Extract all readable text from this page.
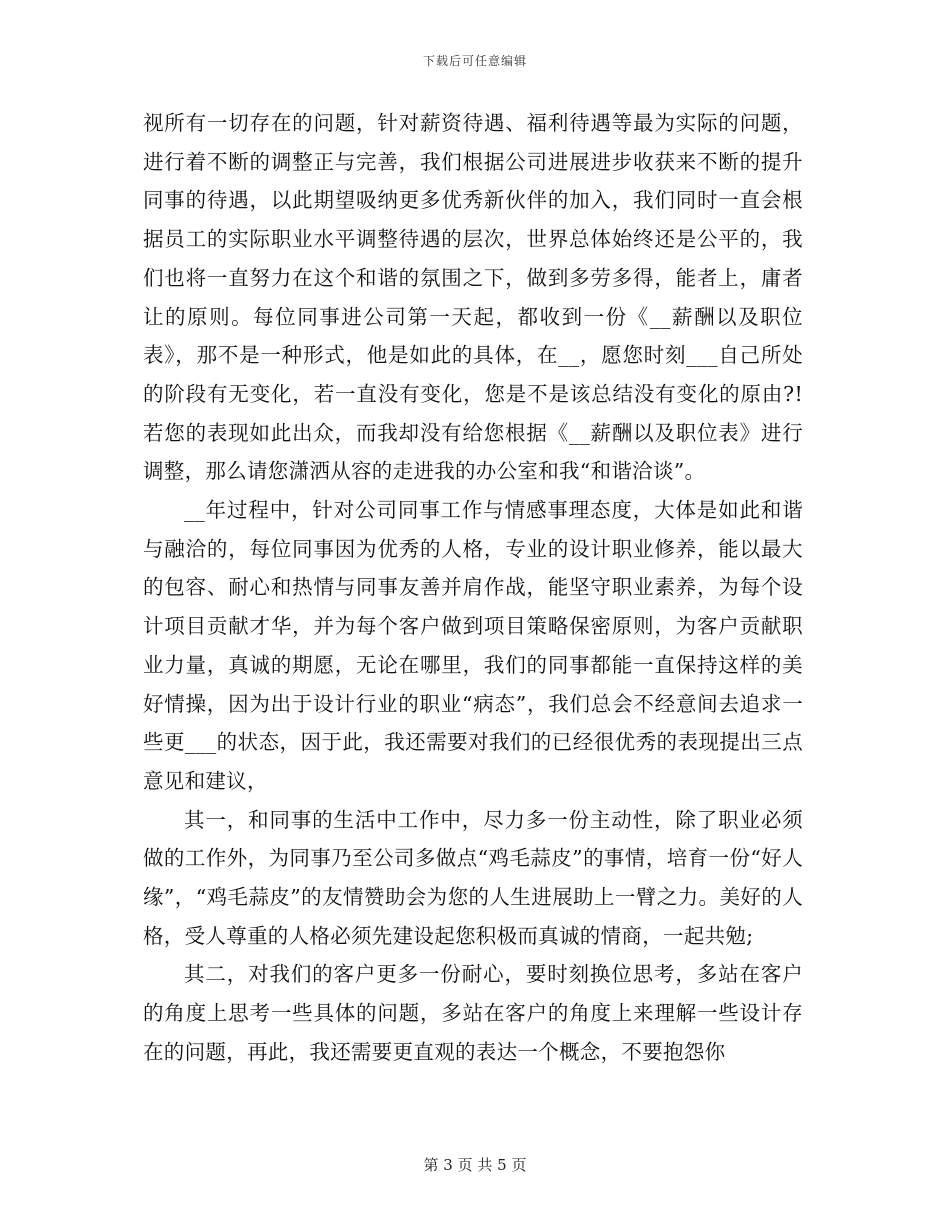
下载后可任意编辑

视所有一切存在的问题，针对薪资待遇、福利待遇等最为实际的问题，进行着不断的调整正与完善，我们根据公司进展进步收获来不断的提升同事的待遇，以此期望吸纳更多优秀新伙伴的加入，我们同时一直会根据员工的实际职业水平调整待遇的层次，世界总体始终还是公平的，我们也将一直努力在这个和谐的氛围之下，做到多劳多得，能者上，庸者让的原则。每位同事进公司第一天起，都收到一份《__薪酬以及职位表》，那不是一种形式，他是如此的具体，在__，愿您时刻___自己所处的阶段有无变化，若一直没有变化，您是不是该总结没有变化的原由?!若您的表现如此出众，而我却没有给您根据《__薪酬以及职位表》进行调整，那么请您潇洒从容的走进我的办公室和我“和谐洽谈”。

__年过程中，针对公司同事工作与情感事理态度，大体是如此和谐与融洽的，每位同事因为优秀的人格，专业的设计职业修养，能以最大的包容、耐心和热情与同事友善并肩作战，能坚守职业素养，为每个设计项目贡献才华，并为每个客户做到项目策略保密原则，为客户贡献职业力量，真诚的期愿，无论在哪里，我们的同事都能一直保持这样的美好情操，因为出于设计行业的职业“病态”，我们总会不经意间去追求一些更___的状态，因于此，我还需要对我们的已经很优秀的表现提出三点意见和建议，

其一，和同事的生活中工作中，尽力多一份主动性，除了职业必须做的工作外，为同事乃至公司多做点“鸡毛蒜皮”的事情，培育一份“好人缘”，“鸡毛蒜皮”的友情赞助会为您的人生进展助上一臂之力。美好的人格，受人尊重的人格必须先建设起您积极而真诚的情商，一起共勉;

其二，对我们的客户更多一份耐心，要时刻换位思考，多站在客户的角度上思考一些具体的问题，多站在客户的角度上来理解一些设计存在的问题，再此，我还需要更直观的表达一个概念，不要抱怨你

第 3 页 共 5 页
